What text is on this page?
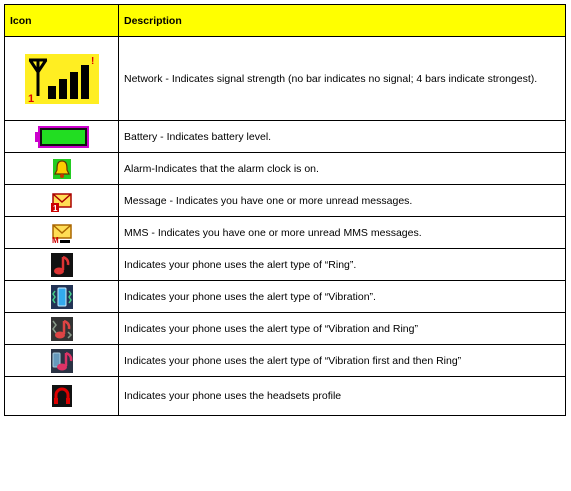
Icon	Description

1
!	Network - Indicates signal strength (no bar indicates no signal; 4 bars indicate strongest).
	Battery - Indicates battery level.
	Alarm-Indicates that the alarm clock is on.

1	Message - Indicates you have one or more unread messages.

M	MMS - Indicates you have one or more unread MMS messages.
	Indicates your phone uses the alert type of “Ring”.
	Indicates your phone uses the alert type of “Vibration”.
	Indicates your phone uses the alert type of “Vibration and Ring”
	Indicates your phone uses the alert type of “Vibration first and then Ring”
	Indicates your phone uses the headsets profile
